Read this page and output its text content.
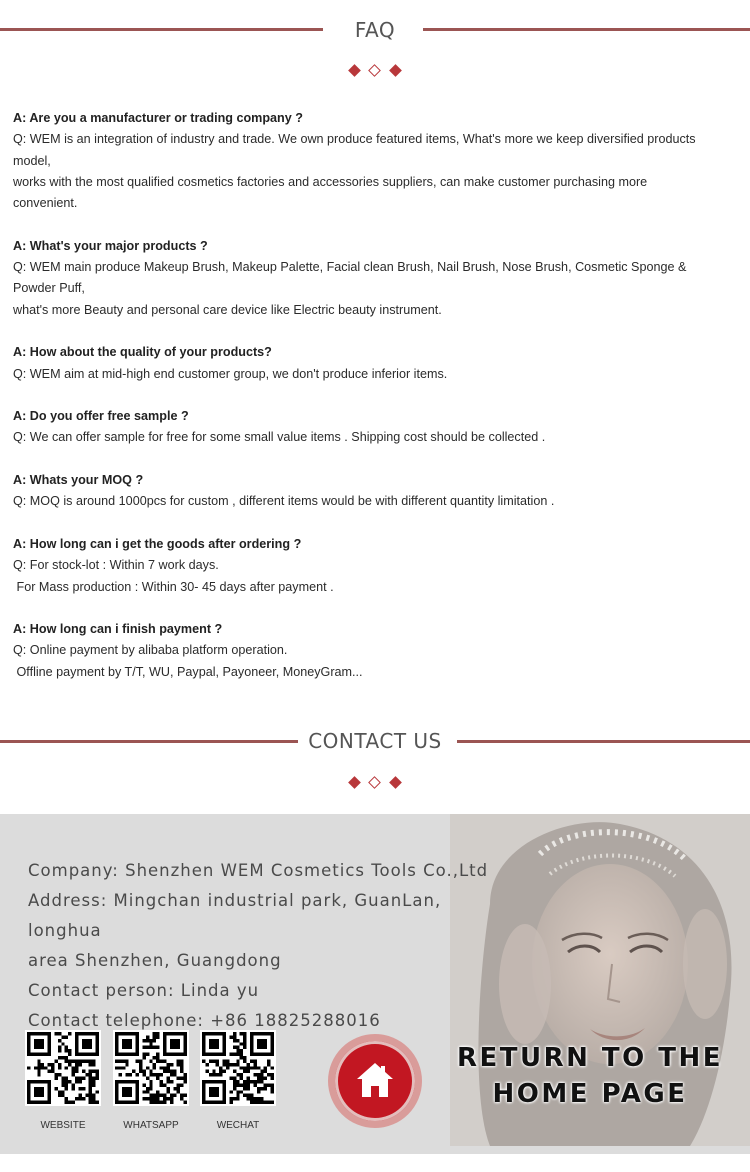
FAQ
A: Are you a manufacturer or trading company ?
Q: WEM is an integration of industry and trade. We own produce featured items, What's more we keep diversified products
model,
works with the most qualified cosmetics factories and accessories suppliers, can make customer purchasing more
convenient.
A: What's your major products ?
Q: WEM main produce Makeup Brush, Makeup Palette, Facial clean Brush, Nail Brush, Nose Brush, Cosmetic Sponge &
Powder Puff,
what's more Beauty and personal care device like Electric beauty instrument.
A: How about the quality of your products?
Q: WEM aim at mid-high end customer group, we don't produce inferior items.
A: Do you offer free sample ?
Q: We can offer sample for free for some small value items . Shipping cost should be collected .
A: Whats your MOQ ?
Q: MOQ is around 1000pcs for custom , different items would be with different quantity limitation .
A: How long can i get the goods after ordering ?
Q: For stock-lot : Within 7 work days.
For Mass production : Within 30- 45 days after payment .
A: How long can i finish payment ?
Q: Online payment by alibaba platform operation.
Offline payment by T/T, WU, Paypal, Payoneer, MoneyGram...
CONTACT US
Company: Shenzhen WEM Cosmetics Tools Co.,Ltd
Address: Mingchan industrial park, GuanLan, longhua
area Shenzhen, Guangdong
Contact person: Linda yu
Contact telephone: +86 18825288016
WEBSITE	WHATSAPP	WECHAT
RETURN TO THE
HOME PAGE
